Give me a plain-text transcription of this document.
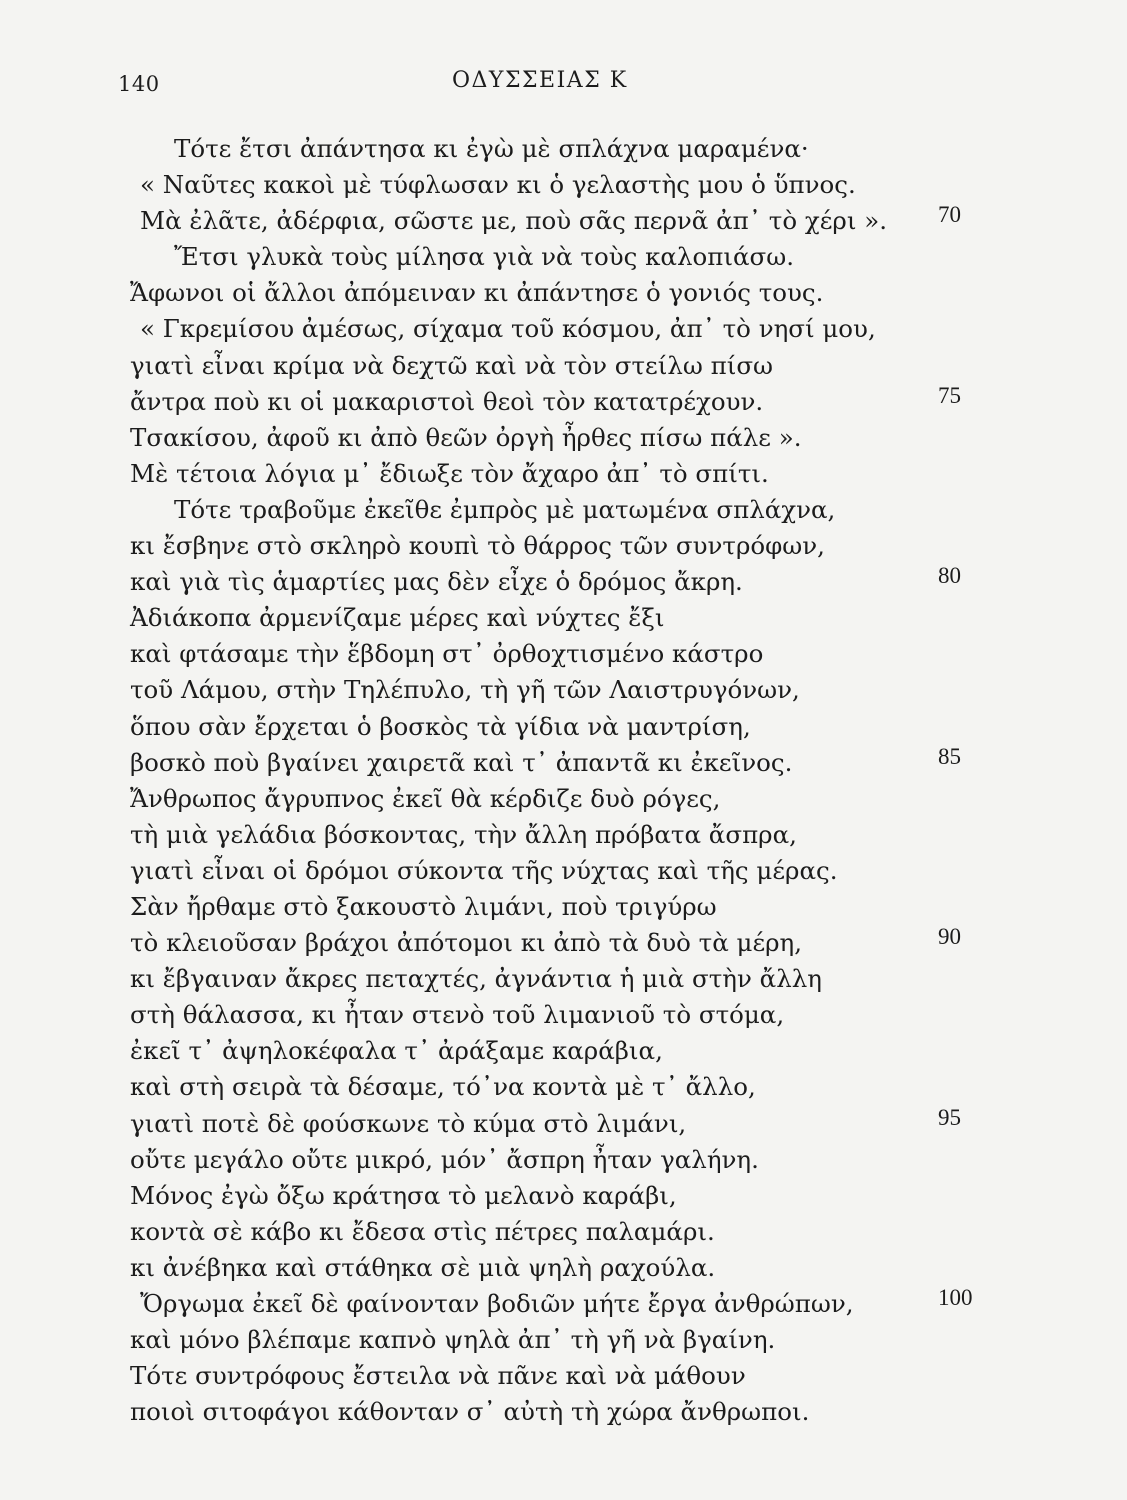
140	ΟΔΥΣΣΕΙΑΣ Κ
Τότε ἔτσι ἀπάντησα κι ἐγὼ μὲ σπλάχνα μαραμένα·
« Ναῦτες κακοὶ μὲ τύφλωσαν κι ὁ γελαστὴς μου ὁ ὕπνος.
Μὰ ἐλᾶτε, ἀδέρφια, σῶστε με, ποὺ σᾶς περνᾶ ἀπ᾿ τὸ χέρι ». 70
Ἔτσι γλυκὰ τοὺς μίλησα γιὰ νὰ τοὺς καλοπιάσω.
Ἄφωνοι οἱ ἄλλοι ἀπόμειναν κι ἀπάντησε ὁ γονιός τους.
« Γκρεμίσου ἀμέσως, σίχαμα τοῦ κόσμου, ἀπ᾿ τὸ νησί μου,
γιατὶ εἶναι κρίμα νὰ δεχτῶ καὶ νὰ τὸν στείλω πίσω
ἄντρα ποὺ κι οἱ μακαριστοὶ θεοὶ τὸν κατατρέχουν.	75
Τσακίσου, ἀφοῦ κι ἀπὸ θεῶν ὀργὴ ἦρθες πίσω πάλε ».
Μὲ τέτοια λόγια μ᾿ ἔδιωξε τὸν ἄχαρο ἀπ᾿ τὸ σπίτι.
Τότε τραβοῦμε ἐκεῖθε ἐμπρὸς μὲ ματωμένα σπλάχνα,
κι ἔσβηνε στὸ σκληρὸ κουπὶ τὸ θάρρος τῶν συντρόφων,
καὶ γιὰ τὶς ἁμαρτίες μας δὲν εἶχε ὁ δρόμος ἄκρη.	80
Ἀδιάκοπα ἀρμενίζαμε μέρες καὶ νύχτες ἔξι
καὶ φτάσαμε τὴν ἕβδομη στ᾿ ὀρθοχτισμένο κάστρο
τοῦ Λάμου, στὴν Τηλέπυλο, τὴ γῆ τῶν Λαιστρυγόνων,
ὅπου σὰν ἔρχεται ὁ βοσκὸς τὰ γίδια νὰ μαντρίση,
βοσκὸ ποὺ βγαίνει χαιρετᾶ καὶ τ᾿ ἀπαντᾶ κι ἐκεῖνος.	85
Ἄνθρωπος ἄγρυπνος ἐκεῖ θὰ κέρδιζε δυὸ ρόγες,
τὴ μιὰ γελάδια βόσκοντας, τὴν ἄλλη πρόβατα ἄσπρα,
γιατὶ εἶναι οἱ δρόμοι σύκοντα τῆς νύχτας καὶ τῆς μέρας.
Σὰν ἤρθαμε στὸ ξακουστὸ λιμάνι, ποὺ τριγύρω
τὸ κλειοῦσαν βράχοι ἀπότομοι κι ἀπὸ τὰ δυὸ τὰ μέρη,	90
κι ἔβγαιναν ἄκρες πεταχτές, ἀγνάντια ἡ μιὰ στὴν ἄλλη
στὴ θάλασσα, κι ἦταν στενὸ τοῦ λιμανιοῦ τὸ στόμα,
ἐκεῖ τ᾿ ἀψηλοκέφαλα τ᾿ ἀράξαμε καράβια,
καὶ στὴ σειρὰ τὰ δέσαμε, τό᾿να κοντὰ μὲ τ᾿ ἄλλο,
γιατὶ ποτὲ δὲ φούσκωνε τὸ κύμα στὸ λιμάνι,	95
οὔτε μεγάλο οὔτε μικρό, μόν᾿ ἄσπρη ἦταν γαλήνη.
Μόνος ἐγὼ ὄξω κράτησα τὸ μελανὸ καράβι,
κοντὰ σὲ κάβο κι ἔδεσα στὶς πέτρες παλαμάρι.
κι ἀνέβηκα καὶ στάθηκα σὲ μιὰ ψηλὴ ραχούλα.
Ὄργωμα ἐκεῖ δὲ φαίνονταν βοδιῶν μήτε ἔργα ἀνθρώπων,	100
καὶ μόνο βλέπαμε καπνὸ ψηλὰ ἀπ᾿ τὴ γῆ νὰ βγαίνη.
Τότε συντρόφους ἔστειλα νὰ πᾶνε καὶ νὰ μάθουν
ποιοὶ σιτοφάγοι κάθονταν σ᾿ αὐτὴ τὴ χώρα ἄνθρωποι.
